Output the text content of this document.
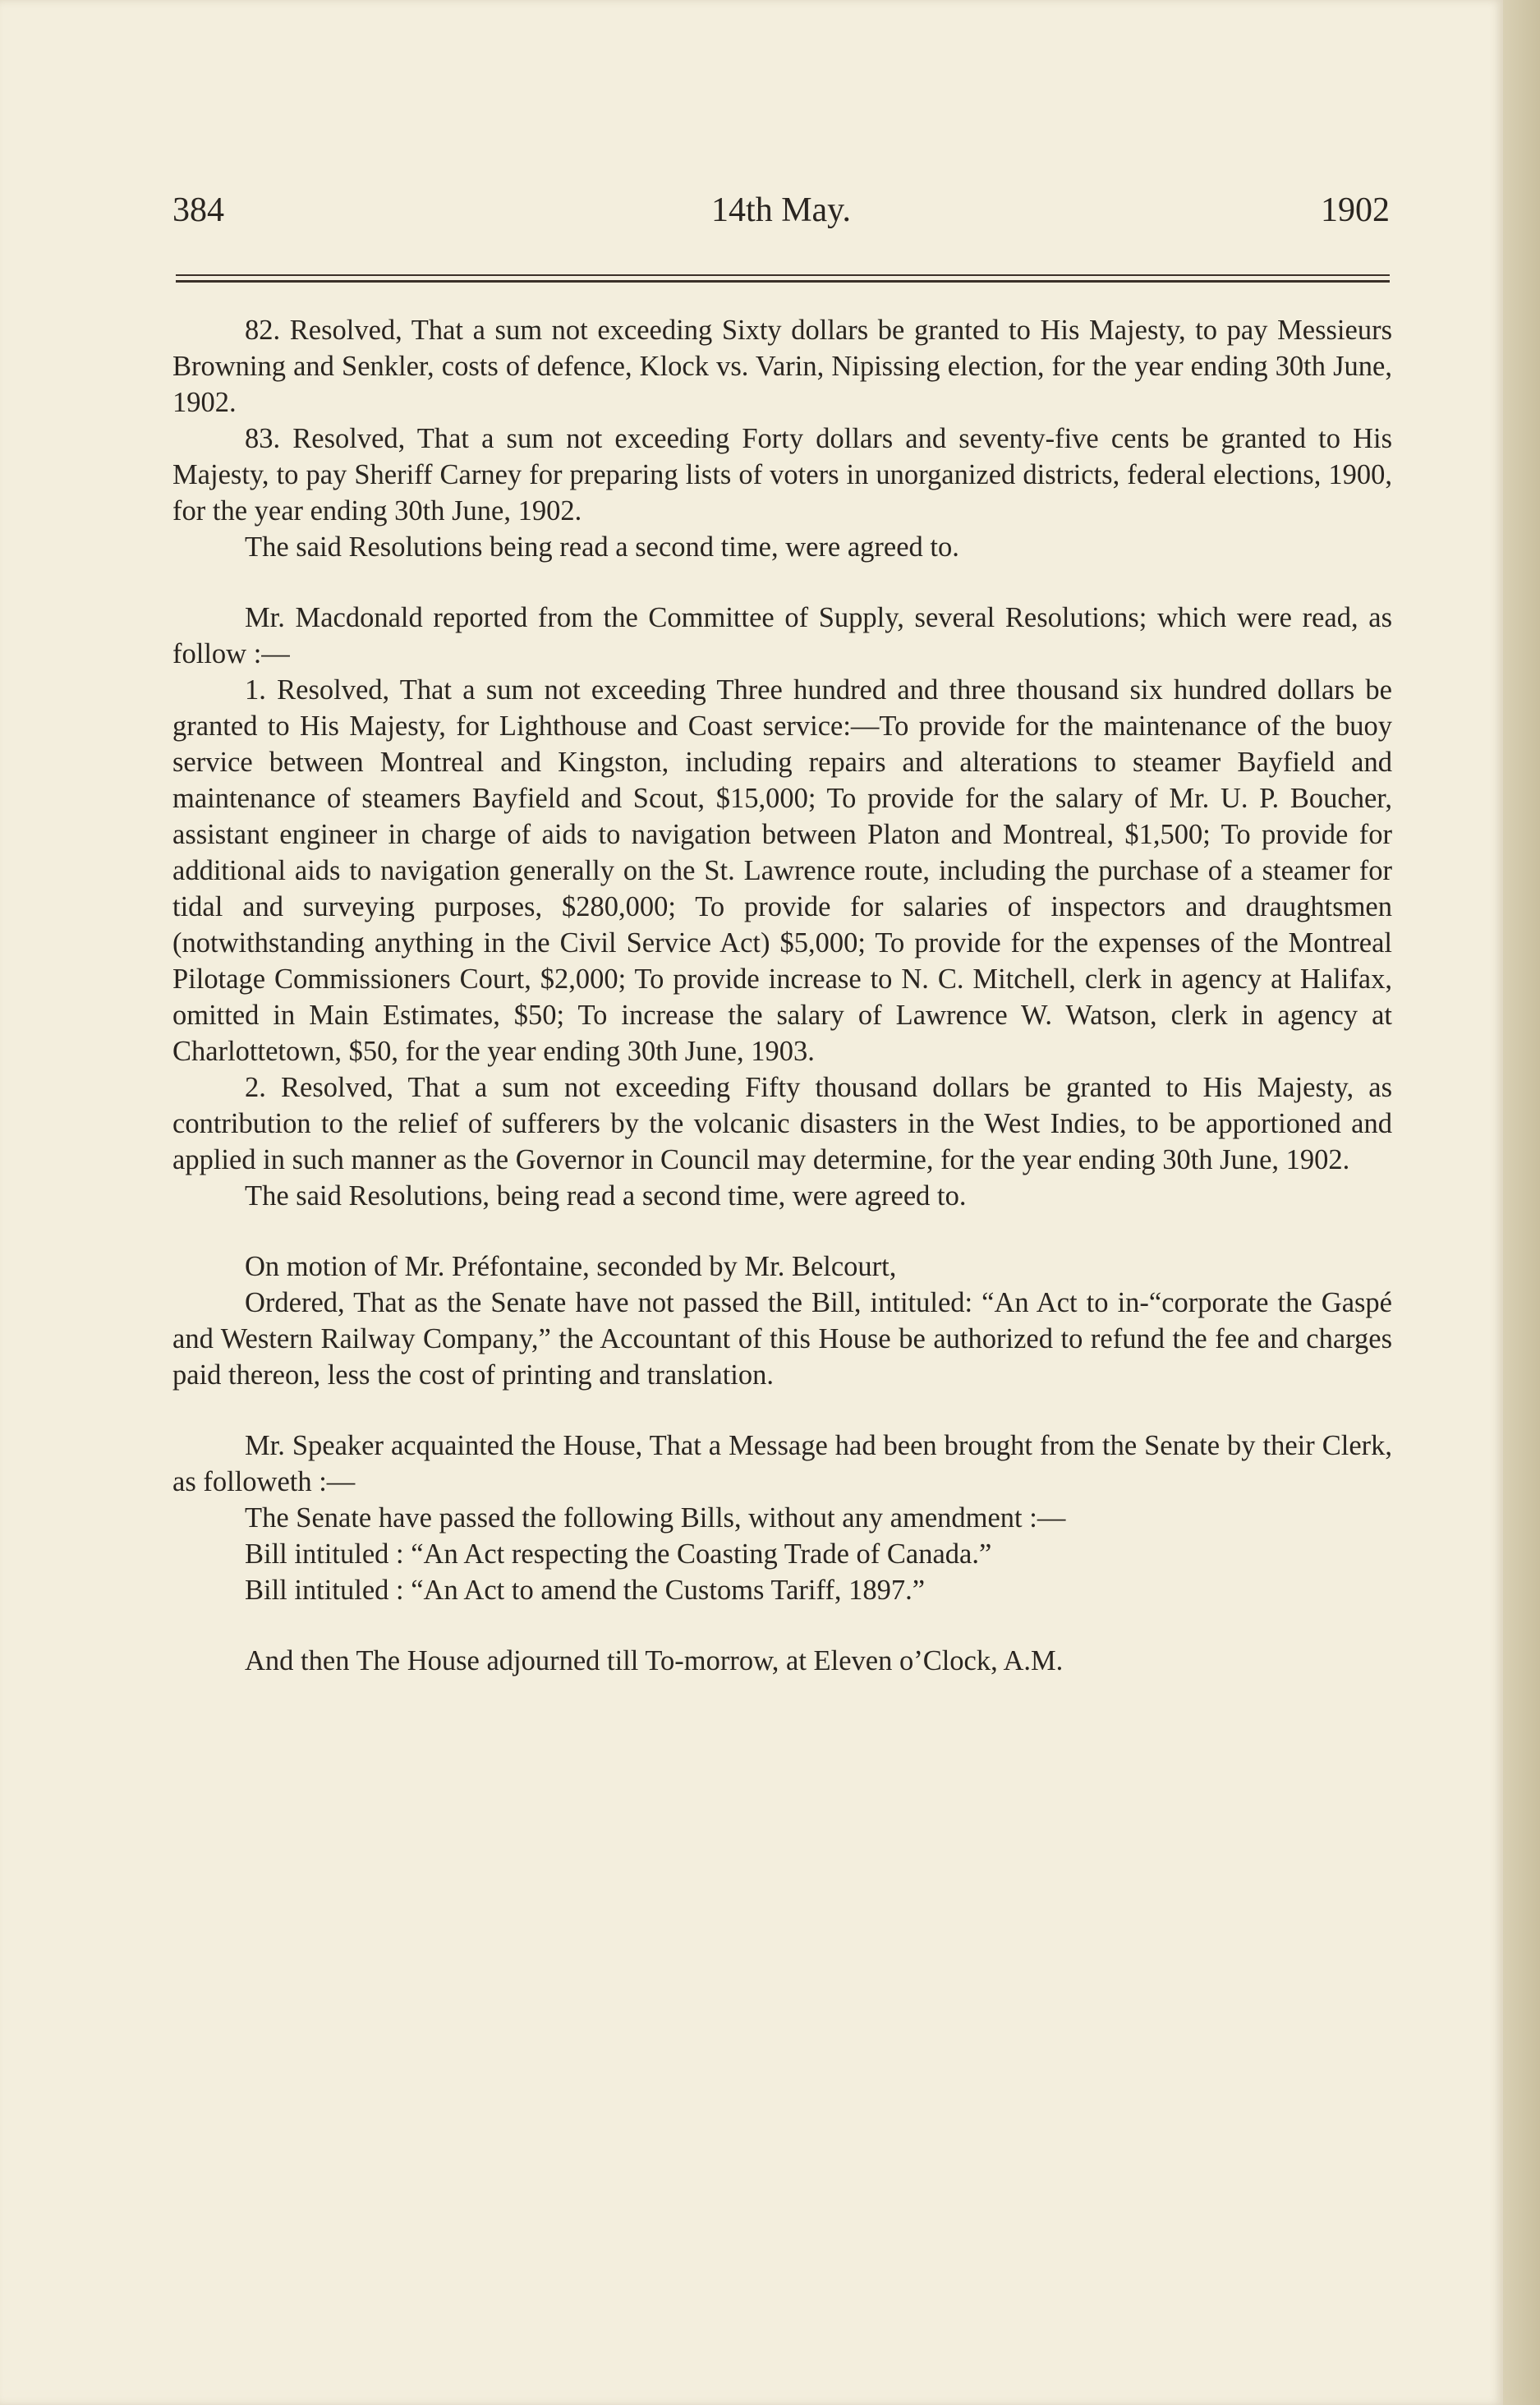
384	14th May.	1902

82. Resolved, That a sum not exceeding Sixty dollars be granted to His Majesty, to pay Messieurs Browning and Senkler, costs of defence, Klock vs. Varin, Nipissing election, for the year ending 30th June, 1902.

83. Resolved, That a sum not exceeding Forty dollars and seventy-five cents be granted to His Majesty, to pay Sheriff Carney for preparing lists of voters in unorganized districts, federal elections, 1900, for the year ending 30th June, 1902.

The said Resolutions being read a second time, were agreed to.

Mr. Macdonald reported from the Committee of Supply, several Resolutions; which were read, as follow :—

1. Resolved, That a sum not exceeding Three hundred and three thousand six hundred dollars be granted to His Majesty, for Lighthouse and Coast service:—To provide for the maintenance of the buoy service between Montreal and Kingston, including repairs and alterations to steamer Bayfield and maintenance of steamers Bayfield and Scout, $15,000; To provide for the salary of Mr. U. P. Boucher, assistant engineer in charge of aids to navigation between Platon and Montreal, $1,500; To provide for additional aids to navigation generally on the St. Lawrence route, including the purchase of a steamer for tidal and surveying purposes, $280,000; To provide for salaries of inspectors and draughtsmen (notwithstanding anything in the Civil Service Act) $5,000; To provide for the expenses of the Montreal Pilotage Commissioners Court, $2,000; To provide increase to N. C. Mitchell, clerk in agency at Halifax, omitted in Main Estimates, $50; To increase the salary of Lawrence W. Watson, clerk in agency at Charlottetown, $50, for the year ending 30th June, 1903.

2. Resolved, That a sum not exceeding Fifty thousand dollars be granted to His Majesty, as contribution to the relief of sufferers by the volcanic disasters in the West Indies, to be apportioned and applied in such manner as the Governor in Council may determine, for the year ending 30th June, 1902.

The said Resolutions, being read a second time, were agreed to.

On motion of Mr. Préfontaine, seconded by Mr. Belcourt,

Ordered, That as the Senate have not passed the Bill, intituled: “An Act to in-“corporate the Gaspé and Western Railway Company,” the Accountant of this House be authorized to refund the fee and charges paid thereon, less the cost of printing and translation.

Mr. Speaker acquainted the House, That a Message had been brought from the Senate by their Clerk, as followeth :—

The Senate have passed the following Bills, without any amendment :—

Bill intituled : “An Act respecting the Coasting Trade of Canada.”

Bill intituled : “An Act to amend the Customs Tariff, 1897.”

And then The House adjourned till To-morrow, at Eleven o’Clock, A.M.
